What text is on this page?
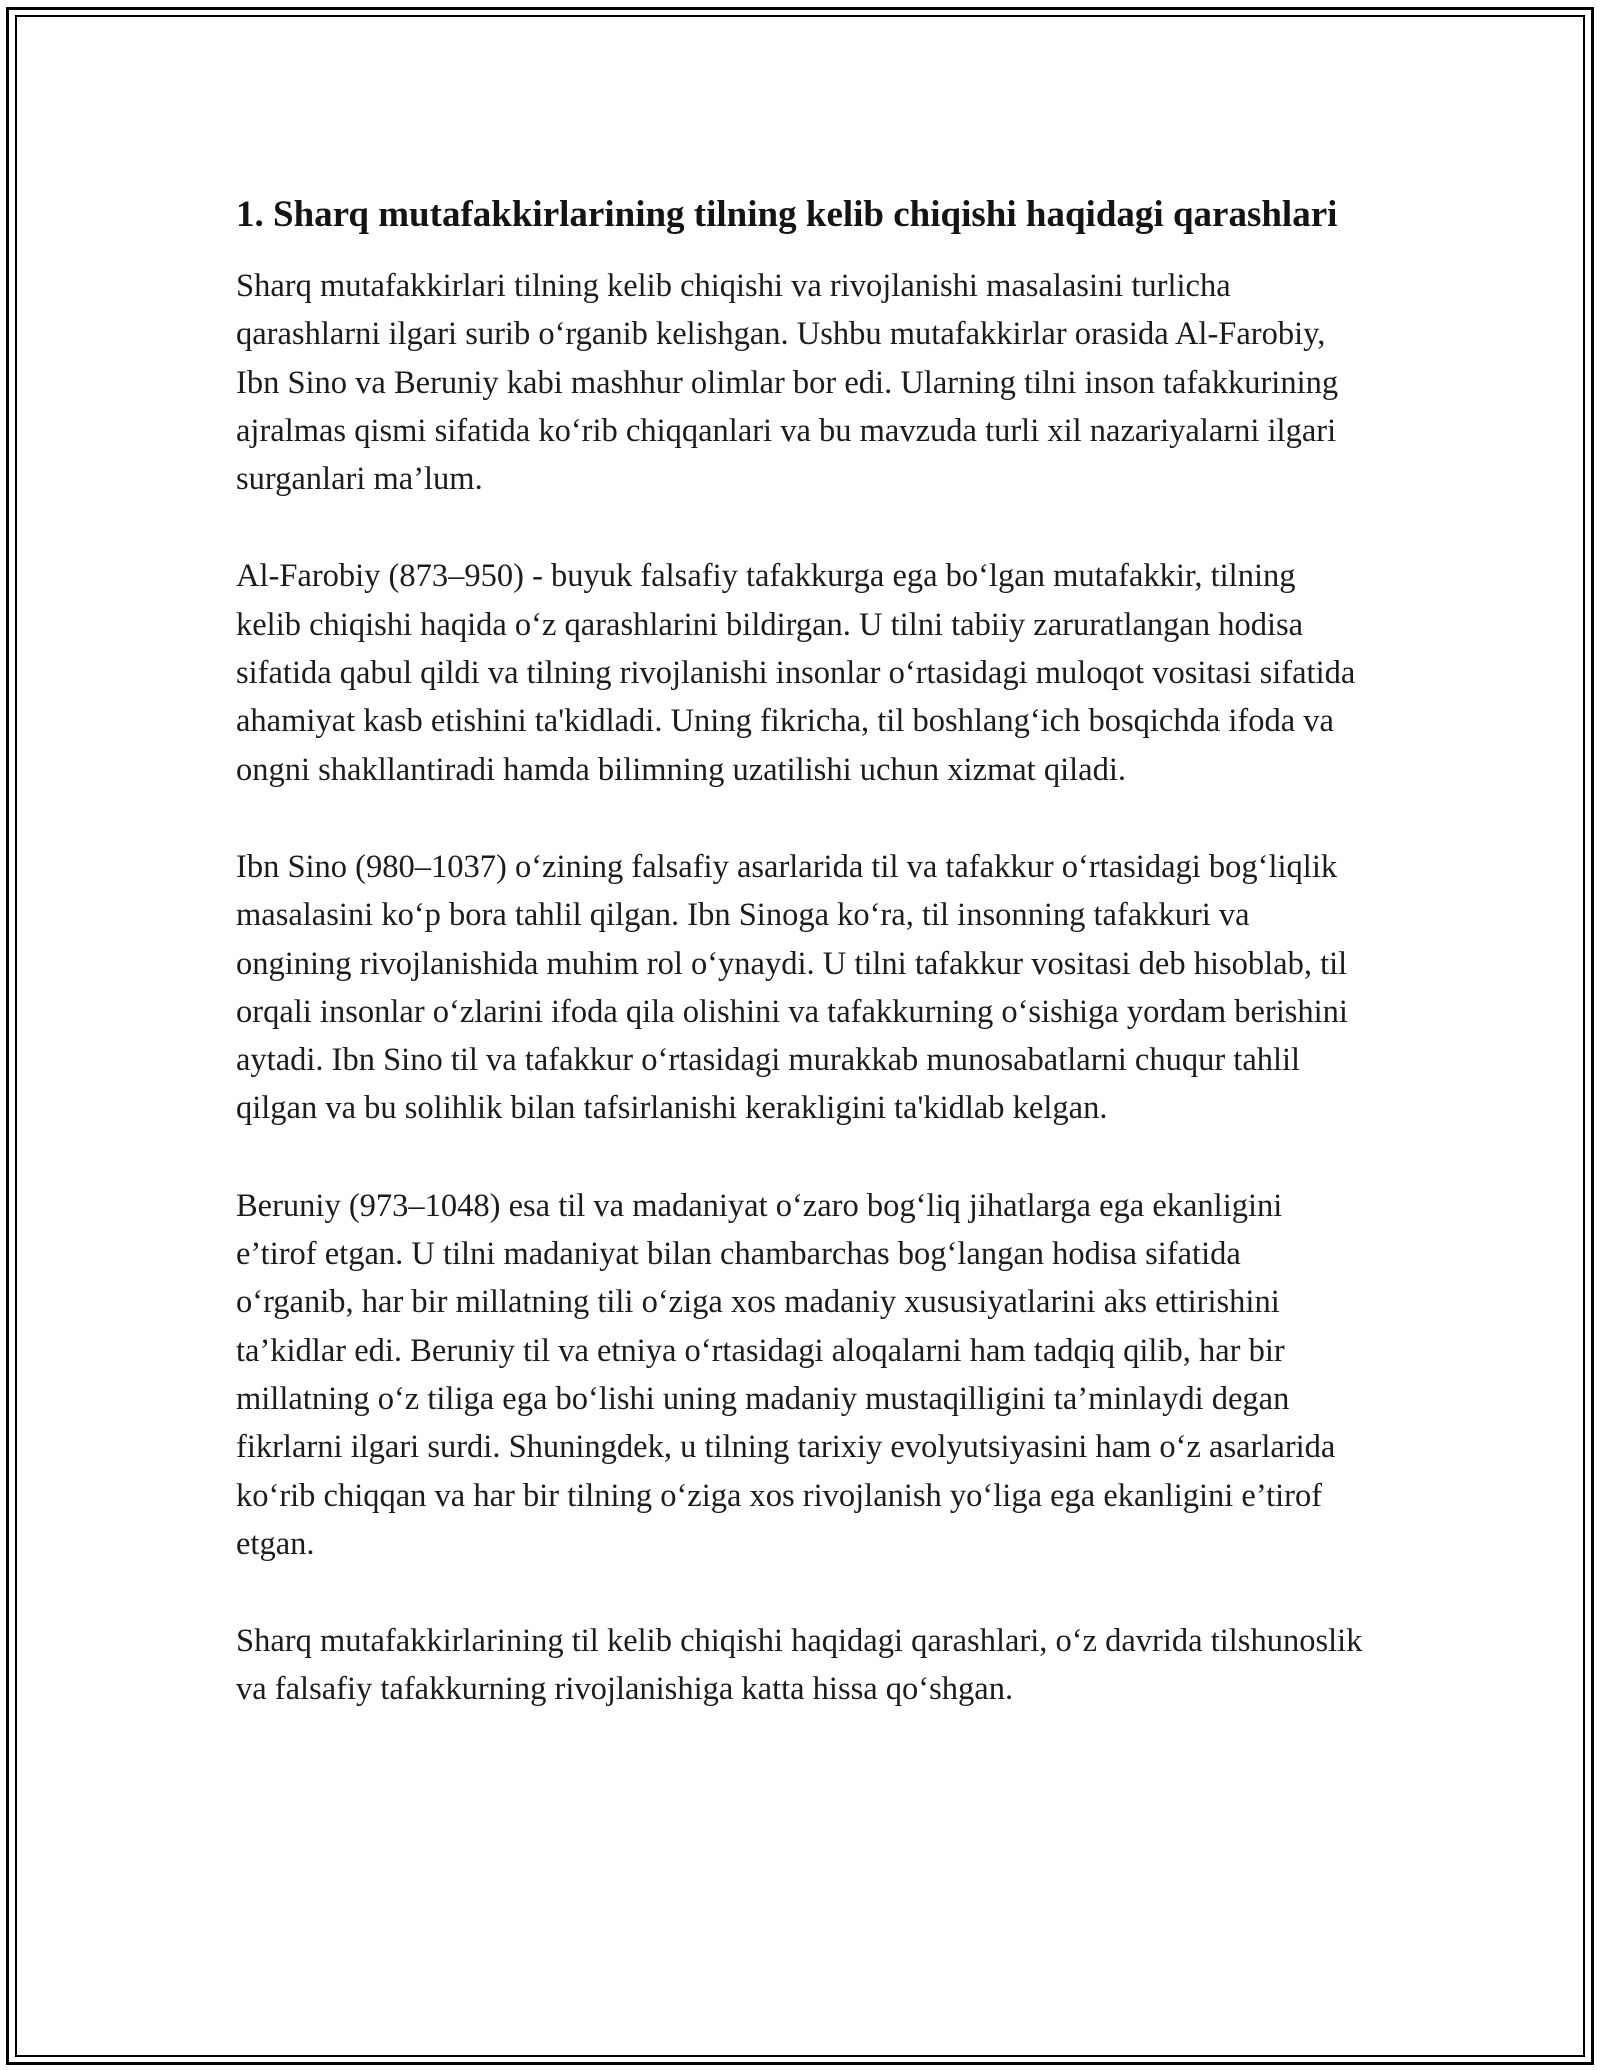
1. Sharq mutafakkirlarining tilning kelib chiqishi haqidagi qarashlari

Sharq mutafakkirlari tilning kelib chiqishi va rivojlanishi masalasini turlicha qarashlarni ilgari surib o‘rganib kelishgan. Ushbu mutafakkirlar orasida Al-Farobiy, Ibn Sino va Beruniy kabi mashhur olimlar bor edi. Ularning tilni inson tafakkurining ajralmas qismi sifatida ko‘rib chiqqanlari va bu mavzuda turli xil nazariyalarni ilgari surganlari ma’lum.

Al-Farobiy (873–950) - buyuk falsafiy tafakkurga ega bo‘lgan mutafakkir, tilning kelib chiqishi haqida o‘z qarashlarini bildirgan. U tilni tabiiy zaruratlangan hodisa sifatida qabul qildi va tilning rivojlanishi insonlar o‘rtasidagi muloqot vositasi sifatida ahamiyat kasb etishini ta'kidladi. Uning fikricha, til boshlang‘ich bosqichda ifoda va ongni shakllantiradi hamda bilimning uzatilishi uchun xizmat qiladi.

Ibn Sino (980–1037) o‘zining falsafiy asarlarida til va tafakkur o‘rtasidagi bog‘liqlik masalasini ko‘p bora tahlil qilgan. Ibn Sinoga ko‘ra, til insonning tafakkuri va ongining rivojlanishida muhim rol o‘ynaydi. U tilni tafakkur vositasi deb hisoblab, til orqali insonlar o‘zlarini ifoda qila olishini va tafakkurning o‘sishiga yordam berishini aytadi. Ibn Sino til va tafakkur o‘rtasidagi murakkab munosabatlarni chuqur tahlil qilgan va bu solihlik bilan tafsirlanishi kerakligini ta'kidlab kelgan.

Beruniy (973–1048) esa til va madaniyat o‘zaro bog‘liq jihatlarga ega ekanligini e’tirof etgan. U tilni madaniyat bilan chambarchas bog‘langan hodisa sifatida o‘rganib, har bir millatning tili o‘ziga xos madaniy xususiyatlarini aks ettirishini ta’kidlar edi. Beruniy til va etniya o‘rtasidagi aloqalarni ham tadqiq qilib, har bir millatning o‘z tiliga ega bo‘lishi uning madaniy mustaqilligini ta’minlaydi degan fikrlarni ilgari surdi. Shuningdek, u tilning tarixiy evolyutsiyasini ham o‘z asarlarida ko‘rib chiqqan va har bir tilning o‘ziga xos rivojlanish yo‘liga ega ekanligini e’tirof etgan.

Sharq mutafakkirlarining til kelib chiqishi haqidagi qarashlari, o‘z davrida tilshunoslik va falsafiy tafakkurning rivojlanishiga katta hissa qo‘shgan.
